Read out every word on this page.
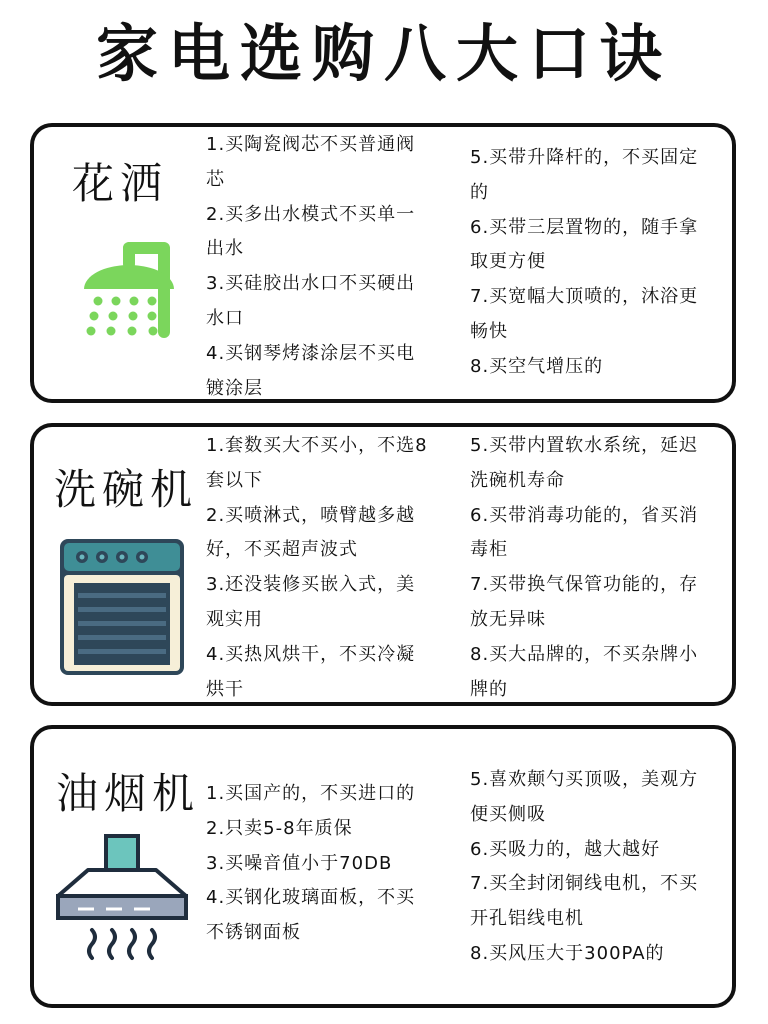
家电选购八大口诀
花洒
1.买陶瓷阀芯不买普通阀
芯
2.买多出水模式不买单一
出水
3.买硅胶出水口不买硬出
水口
4.买钢琴烤漆涂层不买电
镀涂层
5.买带升降杆的，不买固定
的
6.买带三层置物的，随手拿
取更方便
7.买宽幅大顶喷的，沐浴更
畅快
8.买空气增压的
洗碗机
1.套数买大不买小，不选8
套以下
2.买喷淋式，喷臂越多越
好，不买超声波式
3.还没装修买嵌入式，美
观实用
4.买热风烘干，不买冷凝
烘干
5.买带内置软水系统，延迟
洗碗机寿命
6.买带消毒功能的，省买消
毒柜
7.买带换气保管功能的，存
放无异味
8.买大品牌的，不买杂牌小
牌的
油烟机 1.买国产的，不买进口的
2.只卖5-8年质保
3.买噪音值小于70DB
4.买钢化玻璃面板，不买
不锈钢面板
5.喜欢颠勺买顶吸，美观方
便买侧吸
6.买吸力的，越大越好
7.买全封闭铜线电机，不买
开孔铝线电机
8.买风压大于300PA的
